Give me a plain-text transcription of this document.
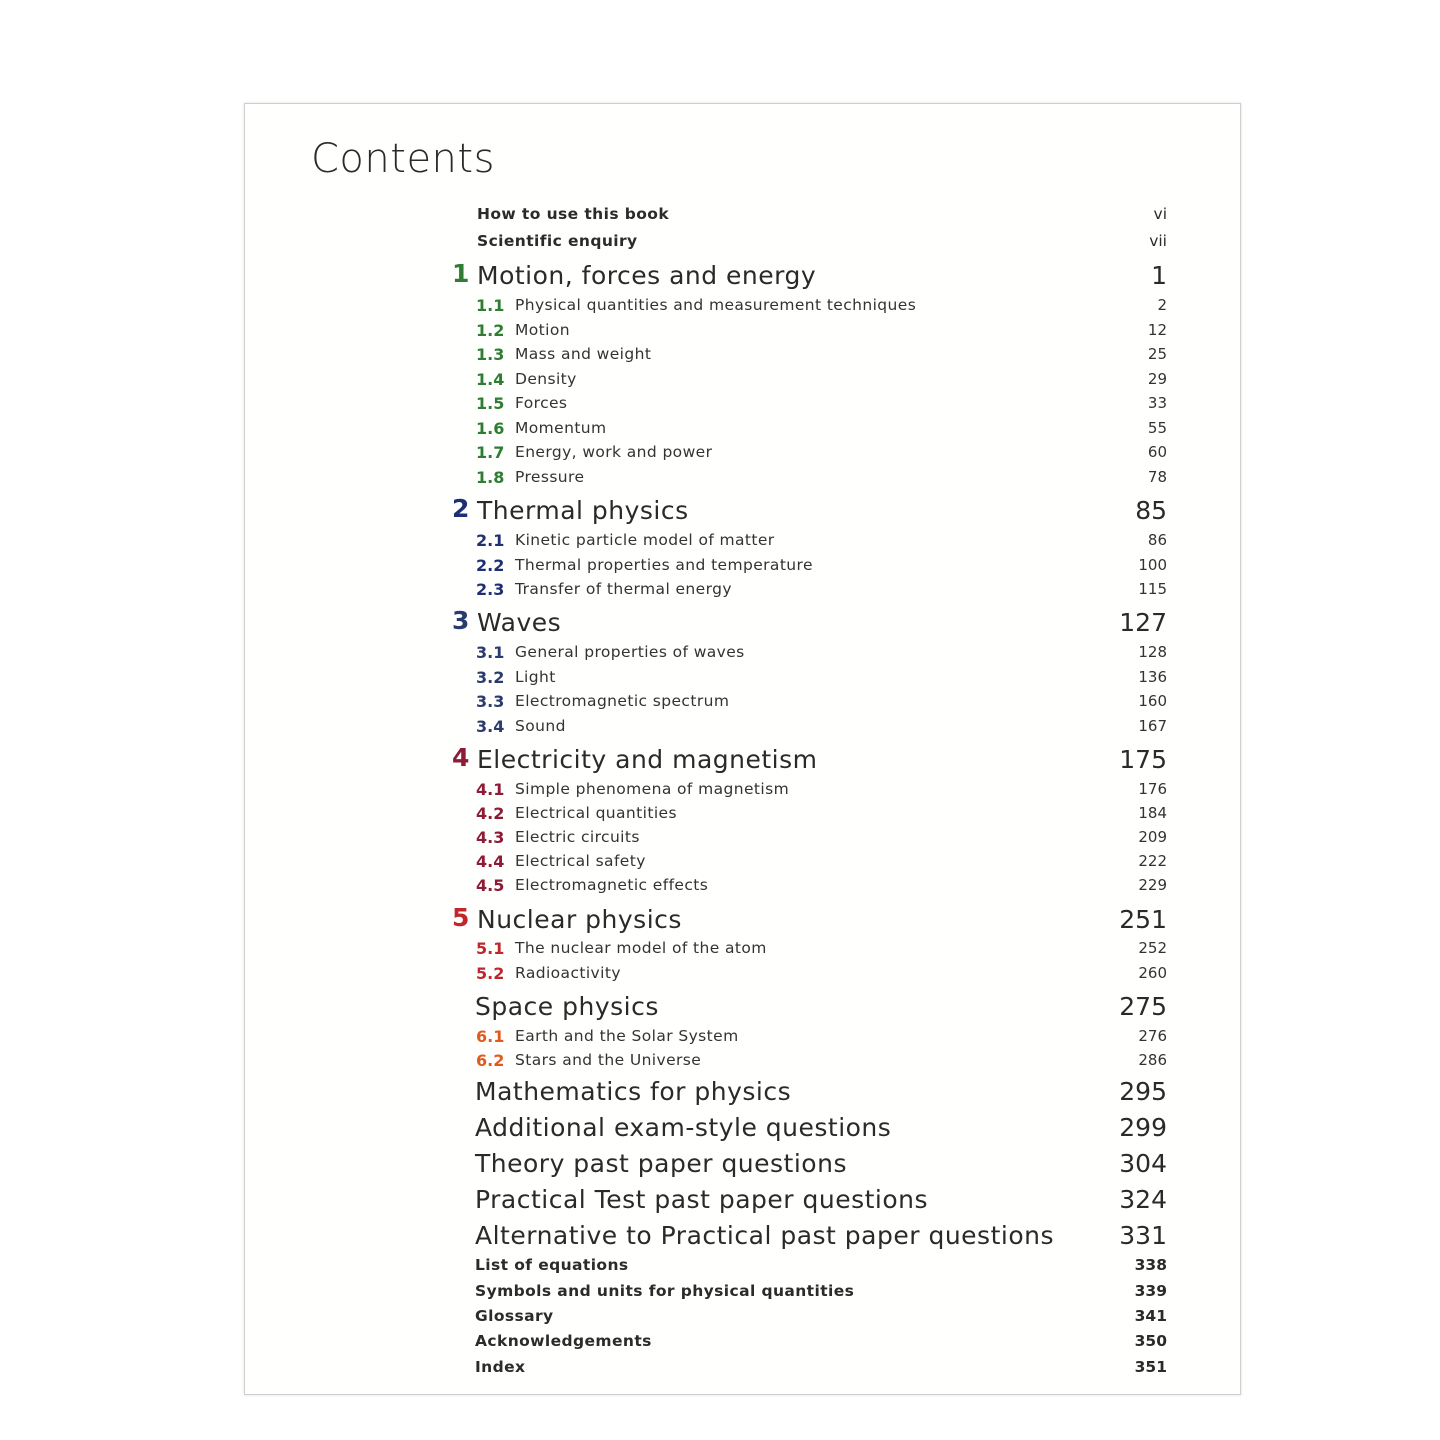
Contents
How to use this book	vi
Scientific enquiry	vii
1 Motion, forces and energy	1
1.1 Physical quantities and measurement techniques	2
1.2 Motion	12
1.3 Mass and weight	25
1.4 Density	29
1.5 Forces	33
1.6 Momentum	55
1.7 Energy, work and power	60
1.8 Pressure	78
2 Thermal physics	85
2.1 Kinetic particle model of matter	86
2.2 Thermal properties and temperature	100
2.3 Transfer of thermal energy	115
3 Waves	127
3.1 General properties of waves	128
3.2 Light	136
3.3 Electromagnetic spectrum	160
3.4 Sound	167
4 Electricity and magnetism	175
4.1 Simple phenomena of magnetism	176
4.2 Electrical quantities	184
4.3 Electric circuits	209
4.4 Electrical safety	222
4.5 Electromagnetic effects	229
5 Nuclear physics	251
5.1 The nuclear model of the atom	252
5.2 Radioactivity	260
Space physics	275
6.1 Earth and the Solar System	276
6.2 Stars and the Universe	286
Mathematics for physics	295
Additional exam-style questions	299
Theory past paper questions	304
Practical Test past paper questions	324
Alternative to Practical past paper questions	331
List of equations	338
Symbols and units for physical quantities	339
Glossary	341
Acknowledgements	350
Index	351
